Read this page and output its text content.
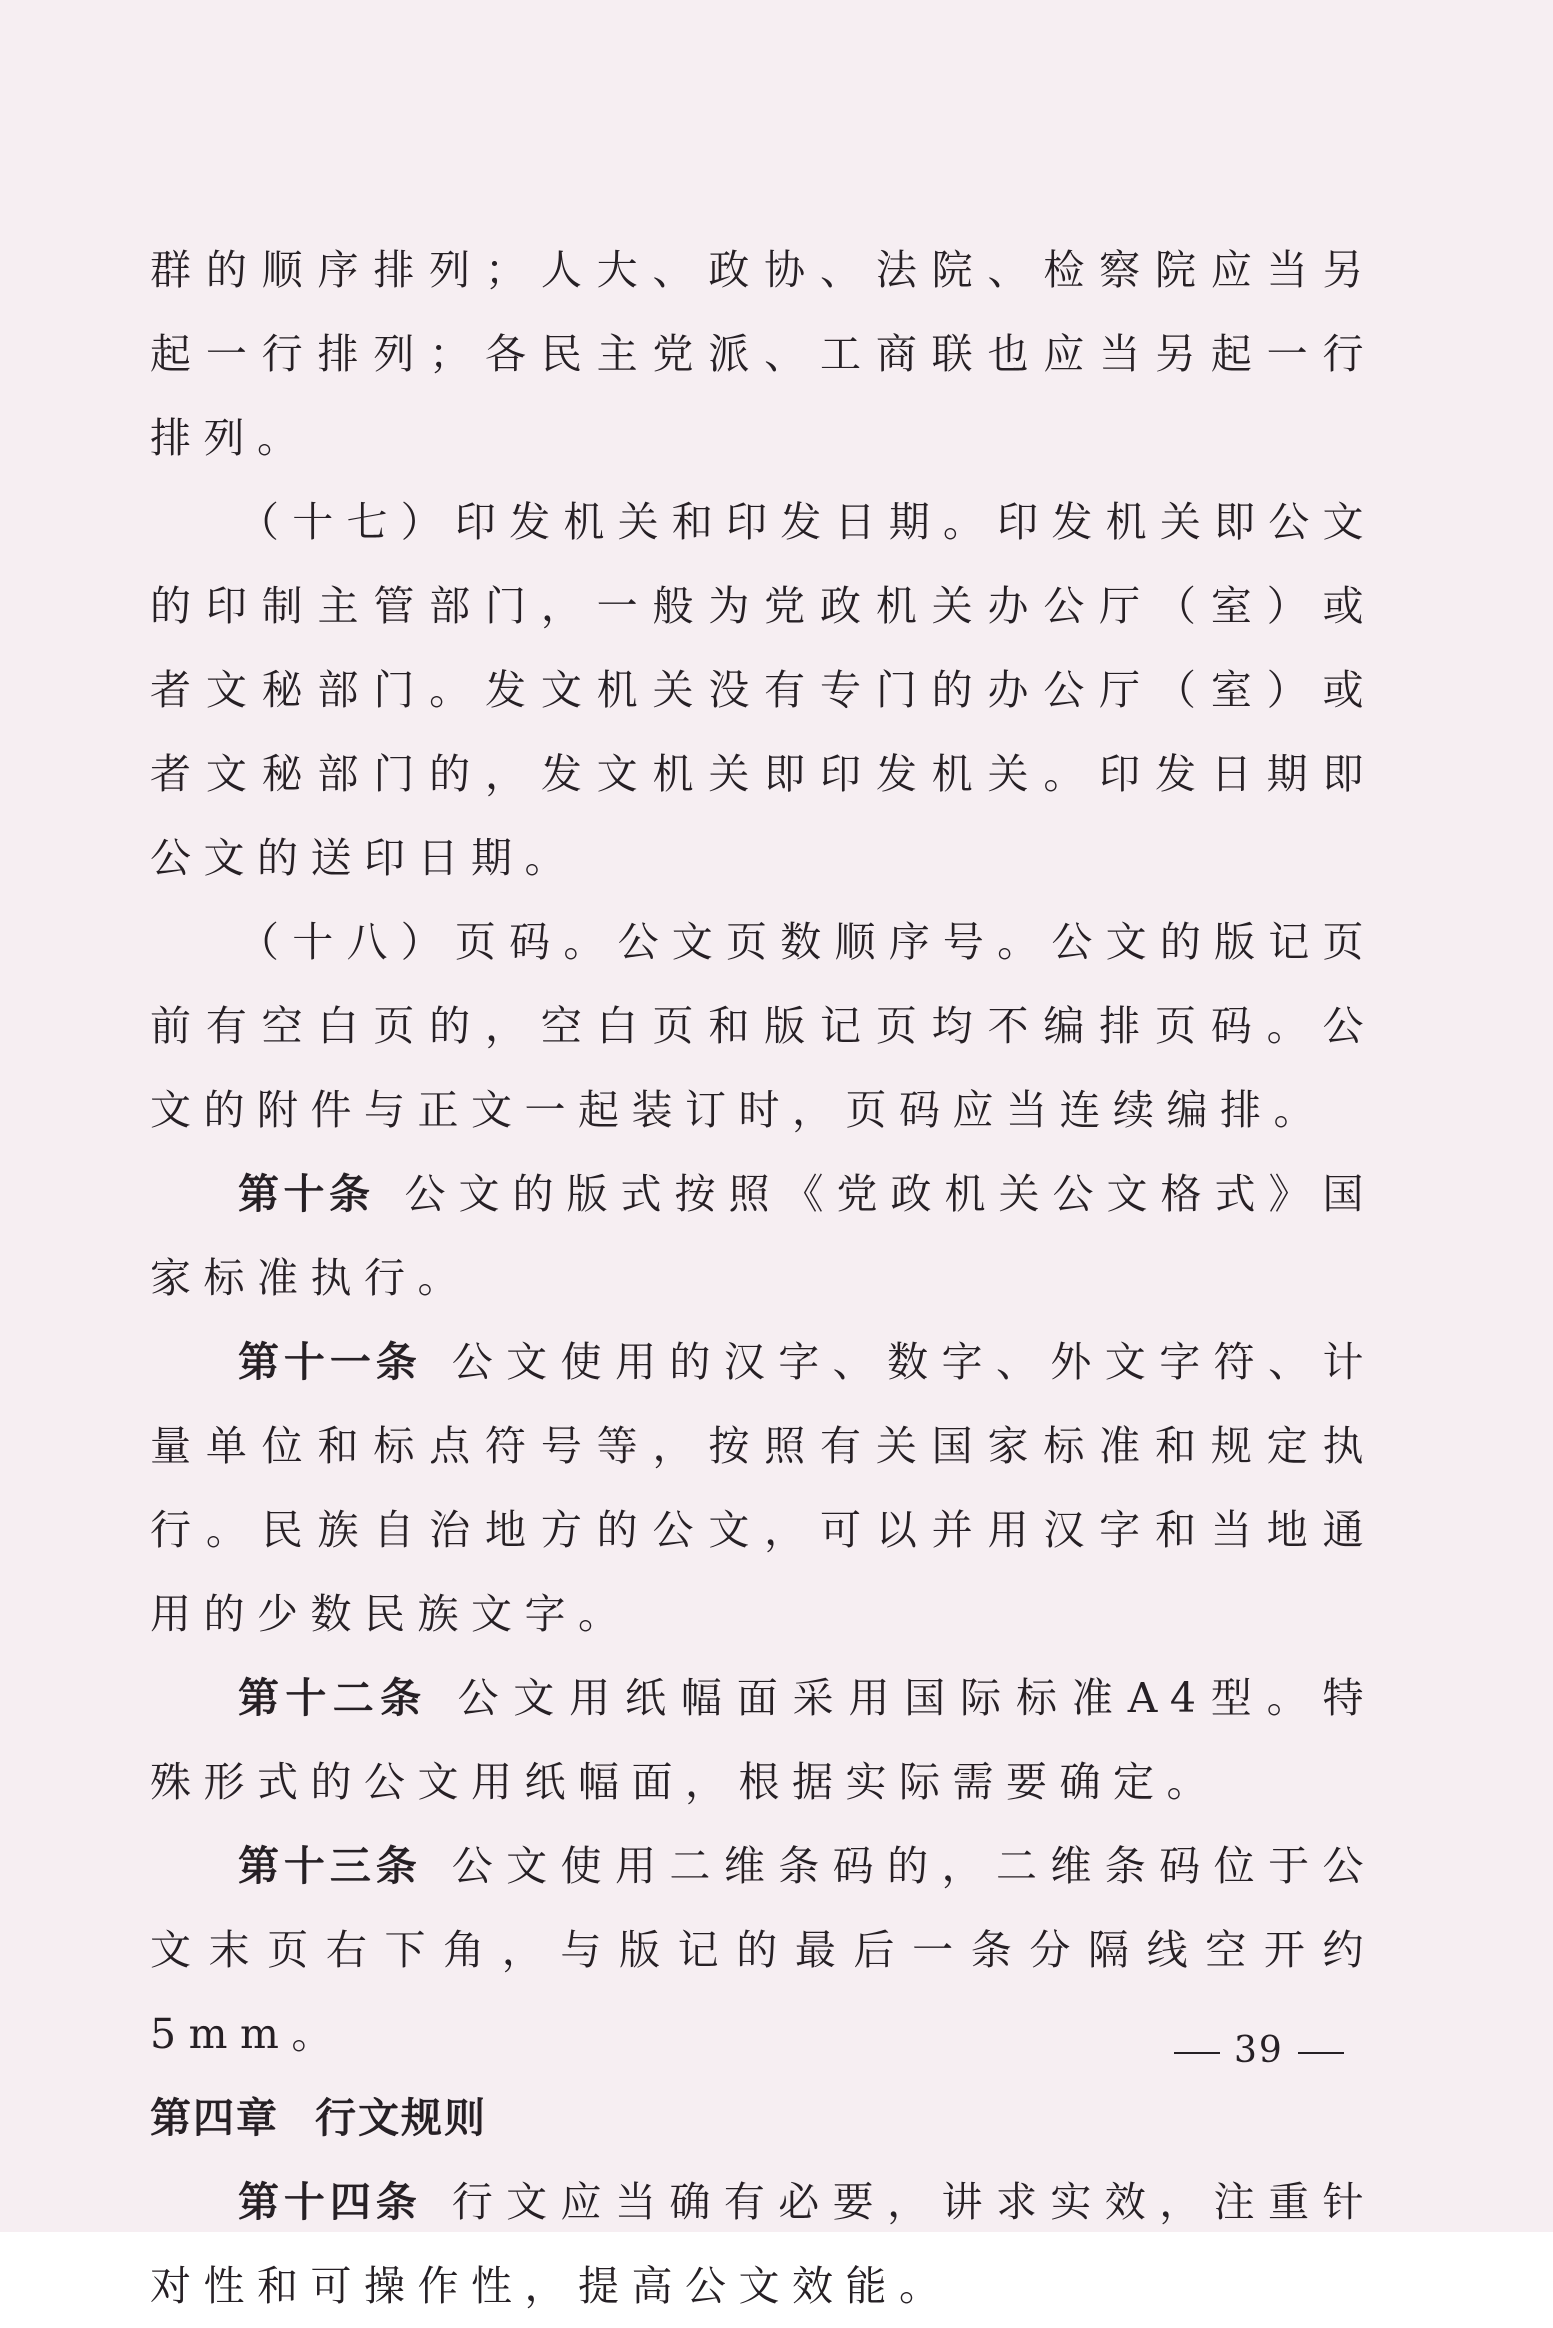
群的顺序排列；人大、政协、法院、检察院应当另起一行排列；各民主党派、工商联也应当另起一行排列。

（十七）印发机关和印发日期。印发机关即公文的印制主管部门，一般为党政机关办公厅（室）或者文秘部门。发文机关没有专门的办公厅（室）或者文秘部门的，发文机关即印发机关。印发日期即公文的送印日期。

（十八）页码。公文页数顺序号。公文的版记页前有空白页的，空白页和版记页均不编排页码。公文的附件与正文一起装订时，页码应当连续编排。

第十条 公文的版式按照《党政机关公文格式》国家标准执行。

第十一条 公文使用的汉字、数字、外文字符、计量单位和标点符号等，按照有关国家标准和规定执行。民族自治地方的公文，可以并用汉字和当地通用的少数民族文字。

第十二条 公文用纸幅面采用国际标准A4型。特殊形式的公文用纸幅面，根据实际需要确定。

第十三条 公文使用二维条码的，二维条码位于公文末页右下角，与版记的最后一条分隔线空开约5mm。

第四章 行文规则

第十四条 行文应当确有必要，讲求实效，注重针对性和可操作性，提高公文效能。

39
